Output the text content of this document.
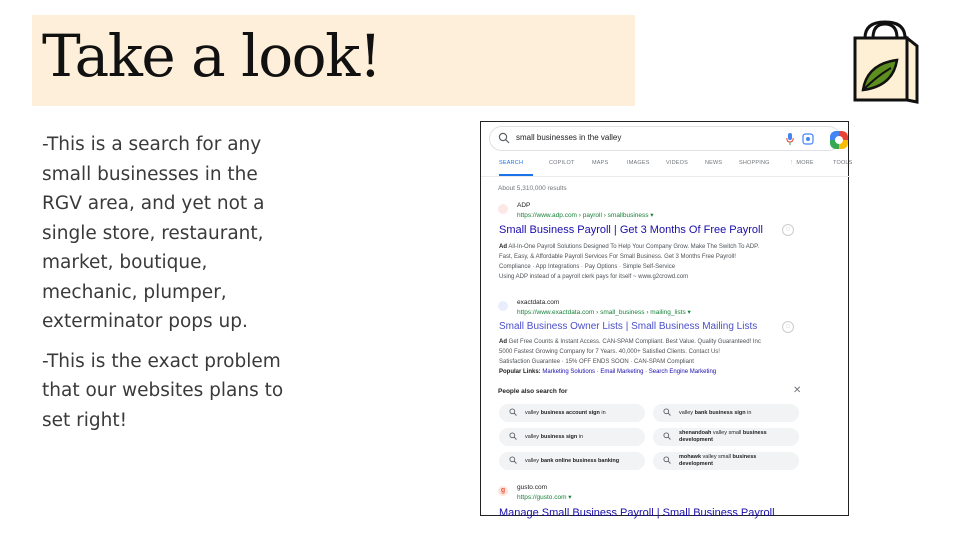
Take a look!

-This is a search for any small businesses in the RGV area, and yet not a single store, restaurant, market, boutique, mechanic, plumper, exterminator pops up.

-This is the exact problem that our websites plans to set right!

small businesses in the valley
SEARCH	COPILOT	MAPS	IMAGES	VIDEOS	NEWS	SHOPPING	⋮ MORE	TOOLS
About 5,310,000 results
ADP
https://www.adp.com › payroll › smallbusiness ▾
Small Business Payroll | Get 3 Months Of Free Payroll	◌
Ad All-In-One Payroll Solutions Designed To Help Your Company Grow. Make The Switch To ADP.
Fast, Easy, & Affordable Payroll Services For Small Business. Get 3 Months Free Payroll!
Compliance · App Integrations · Pay Options · Simple Self-Service
Using ADP instead of a payroll clerk pays for itself ~ www.g2crowd.com
exactdata.com
https://www.exactdata.com › small_business › mailing_lists ▾
Small Business Owner Lists | Small Business Mailing Lists	◌
Ad Get Free Counts & Instant Access. CAN-SPAM Compliant. Best Value. Quality Guaranteed! Inc
5000 Fastest Growing Company for 7 Years. 40,000+ Satisfied Clients. Contact Us!
Satisfaction Guarantee · 15% OFF ENDS SOON · CAN-SPAM Compliant
Popular Links: Marketing Solutions · Email Marketing · Search Engine Marketing
People also search for	✕
valley business account sign in	valley bank business sign in
valley business sign in
shenandoah valley small business development
valley bank online business banking
mohawk valley small business development
g	gusto.com
https://gusto.com ▾
Manage Small Business Payroll | Small Business Payroll
